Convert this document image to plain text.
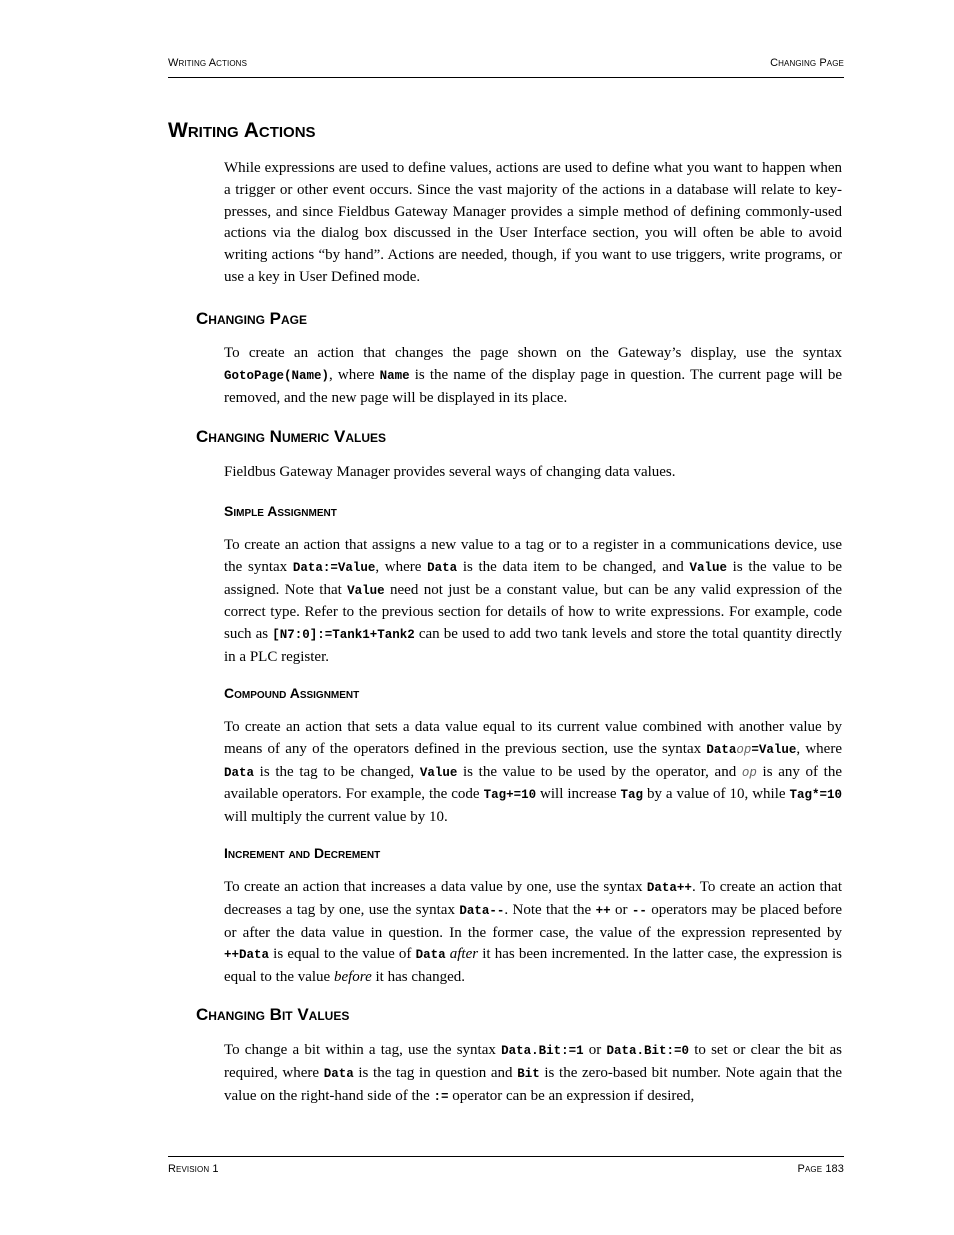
Writing Actions	Changing Page
Writing Actions

While expressions are used to define values, actions are used to define what you want to happen when a trigger or other event occurs. Since the vast majority of the actions in a database will relate to key-presses, and since Fieldbus Gateway Manager provides a simple method of defining commonly-used actions via the dialog box discussed in the User Interface section, you will often be able to avoid writing actions “by hand”. Actions are needed, though, if you want to use triggers, write programs, or use a key in User Defined mode.

Changing Page

To create an action that changes the page shown on the Gateway’s display, use the syntax GotoPage(Name), where Name is the name of the display page in question. The current page will be removed, and the new page will be displayed in its place.

Changing Numeric Values

Fieldbus Gateway Manager provides several ways of changing data values.

Simple Assignment

To create an action that assigns a new value to a tag or to a register in a communications device, use the syntax Data:=Value, where Data is the data item to be changed, and Value is the value to be assigned. Note that Value need not just be a constant value, but can be any valid expression of the correct type. Refer to the previous section for details of how to write expressions. For example, code such as [N7:0]:=Tank1+Tank2 can be used to add two tank levels and store the total quantity directly in a PLC register.

Compound Assignment

To create an action that sets a data value equal to its current value combined with another value by means of any of the operators defined in the previous section, use the syntax Dataop=Value, where Data is the tag to be changed, Value is the value to be used by the operator, and op is any of the available operators. For example, the code Tag+=10 will increase Tag by a value of 10, while Tag*=10 will multiply the current value by 10.

Increment and Decrement

To create an action that increases a data value by one, use the syntax Data++. To create an action that decreases a tag by one, use the syntax Data--. Note that the ++ or -- operators may be placed before or after the data value in question. In the former case, the value of the expression represented by ++Data is equal to the value of Data after it has been incremented. In the latter case, the expression is equal to the value before it has changed.

Changing Bit Values

To change a bit within a tag, use the syntax Data.Bit:=1 or Data.Bit:=0 to set or clear the bit as required, where Data is the tag in question and Bit is the zero-based bit number. Note again that the value on the right-hand side of the := operator can be an expression if desired,

Revision 1	Page 183
